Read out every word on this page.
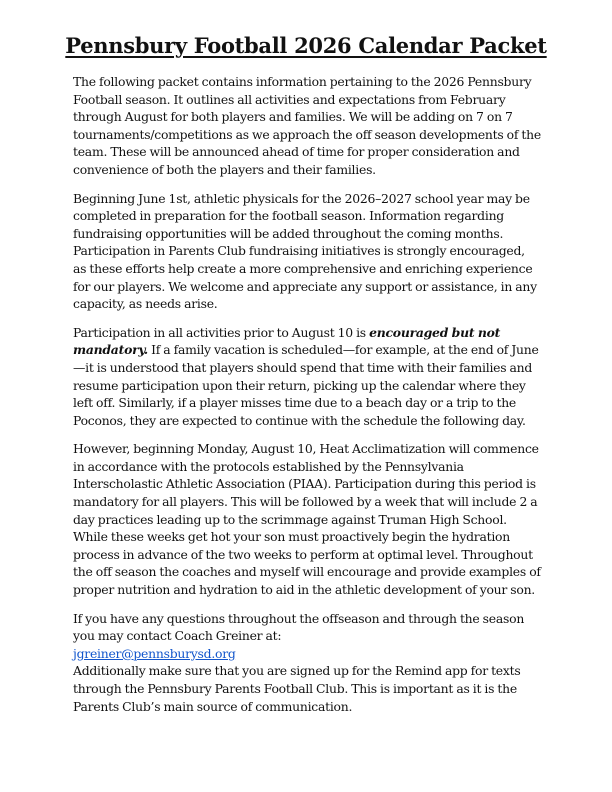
Pennsbury Football 2026 Calendar Packet

The following packet contains information pertaining to the 2026 Pennsbury Football season. It outlines all activities and expectations from February through August for both players and families. We will be adding on 7 on 7 tournaments/competitions as we approach the off season developments of the team. These will be announced ahead of time for proper consideration and convenience of both the players and their families.

Beginning June 1st, athletic physicals for the 2026–2027 school year may be completed in preparation for the football season. Information regarding fundraising opportunities will be added throughout the coming months. Participation in Parents Club fundraising initiatives is strongly encouraged, as these efforts help create a more comprehensive and enriching experience for our players. We welcome and appreciate any support or assistance, in any capacity, as needs arise.

Participation in all activities prior to August 10 is encouraged but not mandatory. If a family vacation is scheduled—for example, at the end of June—it is understood that players should spend that time with their families and resume participation upon their return, picking up the calendar where they left off. Similarly, if a player misses time due to a beach day or a trip to the Poconos, they are expected to continue with the schedule the following day.

However, beginning Monday, August 10, Heat Acclimatization will commence in accordance with the protocols established by the Pennsylvania Interscholastic Athletic Association (PIAA). Participation during this period is mandatory for all players. This will be followed by a week that will include 2 a day practices leading up to the scrimmage against Truman High School. While these weeks get hot your son must proactively begin the hydration process in advance of the two weeks to perform at optimal level. Throughout the off season the coaches and myself will encourage and provide examples of proper nutrition and hydration to aid in the athletic development of your son.

If you have any questions throughout the offseason and through the season you may contact Coach Greiner at:

jgreiner@pennsburysd.org

Additionally make sure that you are signed up for the Remind app for texts through the Pennsbury Parents Football Club. This is important as it is the Parents Club’s main source of communication.
